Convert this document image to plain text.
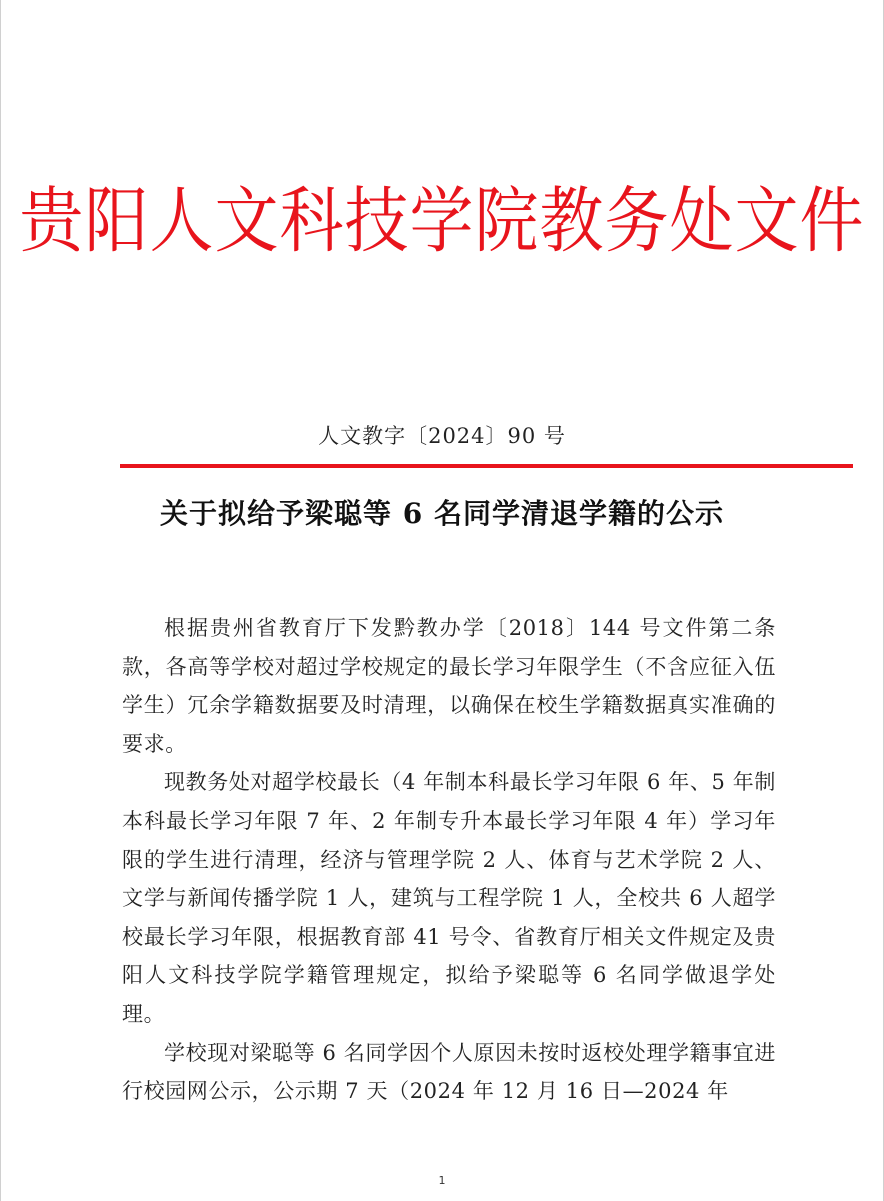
贵阳人文科技学院教务处文件
人文教字〔2024〕90 号
关于拟给予梁聪等 6 名同学清退学籍的公示

根据贵州省教育厅下发黔教办学〔2018〕144 号文件第二条款，各高等学校对超过学校规定的最长学习年限学生（不含应征入伍学生）冗余学籍数据要及时清理，以确保在校生学籍数据真实准确的要求。

现教务处对超学校最长（4 年制本科最长学习年限 6 年、5 年制本科最长学习年限 7 年、2 年制专升本最长学习年限 4 年）学习年限的学生进行清理，经济与管理学院 2 人、体育与艺术学院 2 人、文学与新闻传播学院 1 人，建筑与工程学院 1 人，全校共 6 人超学校最长学习年限，根据教育部 41 号令、省教育厅相关文件规定及贵阳人文科技学院学籍管理规定，拟给予梁聪等 6 名同学做退学处理。

学校现对梁聪等 6 名同学因个人原因未按时返校处理学籍事宜进行校园网公示，公示期 7 天（2024 年 12 月 16 日—2024 年

1
